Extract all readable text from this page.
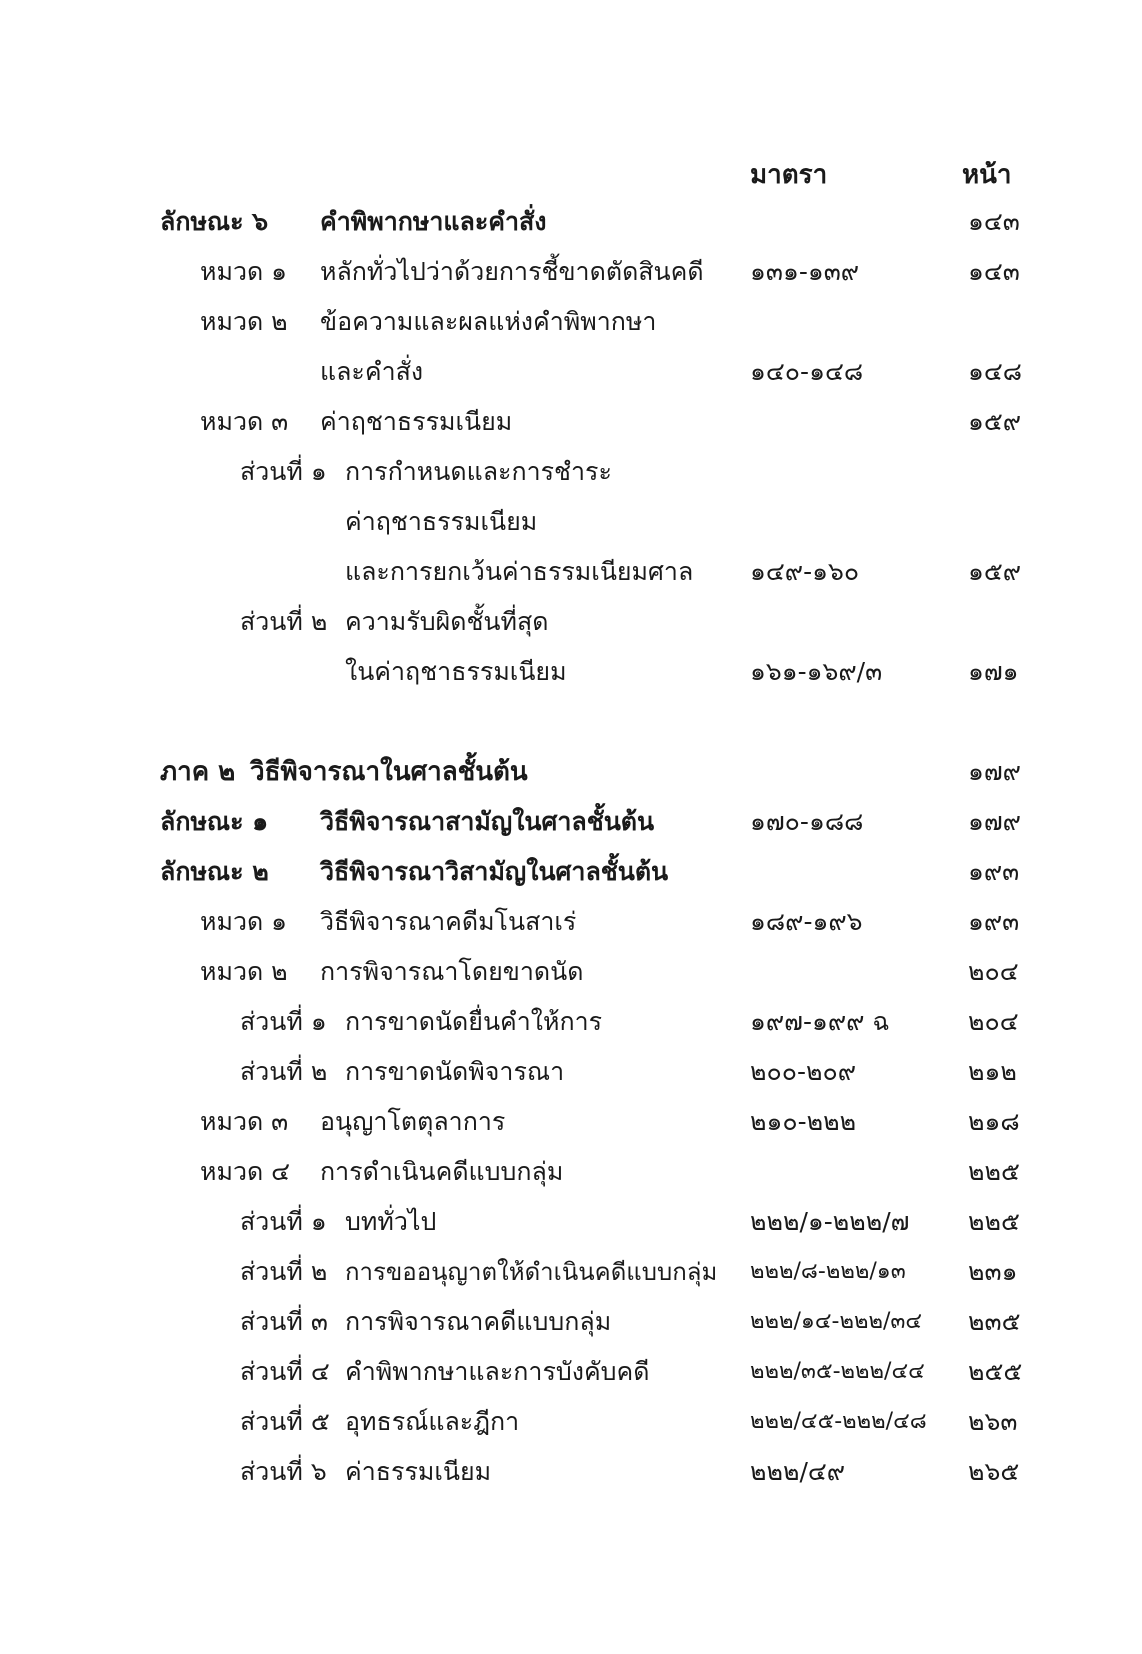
มาตรา	หน้า
ลักษณะ ๖ คำพิพากษาและคำสั่ง	๑๔๓
หมวด ๑ หลักทั่วไปว่าด้วยการชี้ขาดตัดสินคดี ๑๓๑-๑๓๙	๑๔๓
หมวด ๒ ข้อความและผลแห่งคำพิพากษา
และคำสั่ง	๑๔๐-๑๔๘	๑๔๘
หมวด ๓ ค่าฤชาธรรมเนียม	๑๕๙
ส่วนที่ ๑ การกำหนดและการชำระ
ค่าฤชาธรรมเนียม
และการยกเว้นค่าธรรมเนียมศาล ๑๔๙-๑๖๐	๑๕๙
ส่วนที่ ๒ ความรับผิดชั้นที่สุด
ในค่าฤชาธรรมเนียม	๑๖๑-๑๖๙/๓	๑๗๑
ภาค ๒ วิธีพิจารณาในศาลชั้นต้น	๑๗๙
ลักษณะ ๑ วิธีพิจารณาสามัญในศาลชั้นต้น	๑๗๐-๑๘๘	๑๗๙
ลักษณะ ๒ วิธีพิจารณาวิสามัญในศาลชั้นต้น	๑๙๓
หมวด ๑ วิธีพิจารณาคดีมโนสาเร่	๑๘๙-๑๙๖	๑๙๓
หมวด ๒ การพิจารณาโดยขาดนัด	๒๐๔
ส่วนที่ ๑ การขาดนัดยื่นคำให้การ	๑๙๗-๑๙๙ ฉ	๒๐๔
ส่วนที่ ๒ การขาดนัดพิจารณา	๒๐๐-๒๐๙	๒๑๒
หมวด ๓ อนุญาโตตุลาการ	๒๑๐-๒๒๒	๒๑๘
หมวด ๔ การดำเนินคดีแบบกลุ่ม	๒๒๕
ส่วนที่ ๑ บททั่วไป	๒๒๒/๑-๒๒๒/๗ ๒๒๕
ส่วนที่ ๒ การขออนุญาตให้ดำเนินคดีแบบกลุ่ม ๒๒๒/๘-๒๒๒/๑๓ ๒๓๑
ส่วนที่ ๓ การพิจารณาคดีแบบกลุ่ม	๒๒๒/๑๔-๒๒๒/๓๔ ๒๓๕
ส่วนที่ ๔ คำพิพากษาและการบังคับคดี	๒๒๒/๓๕-๒๒๒/๔๔ ๒๕๕
ส่วนที่ ๕ อุทธรณ์และฎีกา	๒๒๒/๔๕-๒๒๒/๔๘ ๒๖๓
ส่วนที่ ๖ ค่าธรรมเนียม	๒๒๒/๔๙	๒๖๕
